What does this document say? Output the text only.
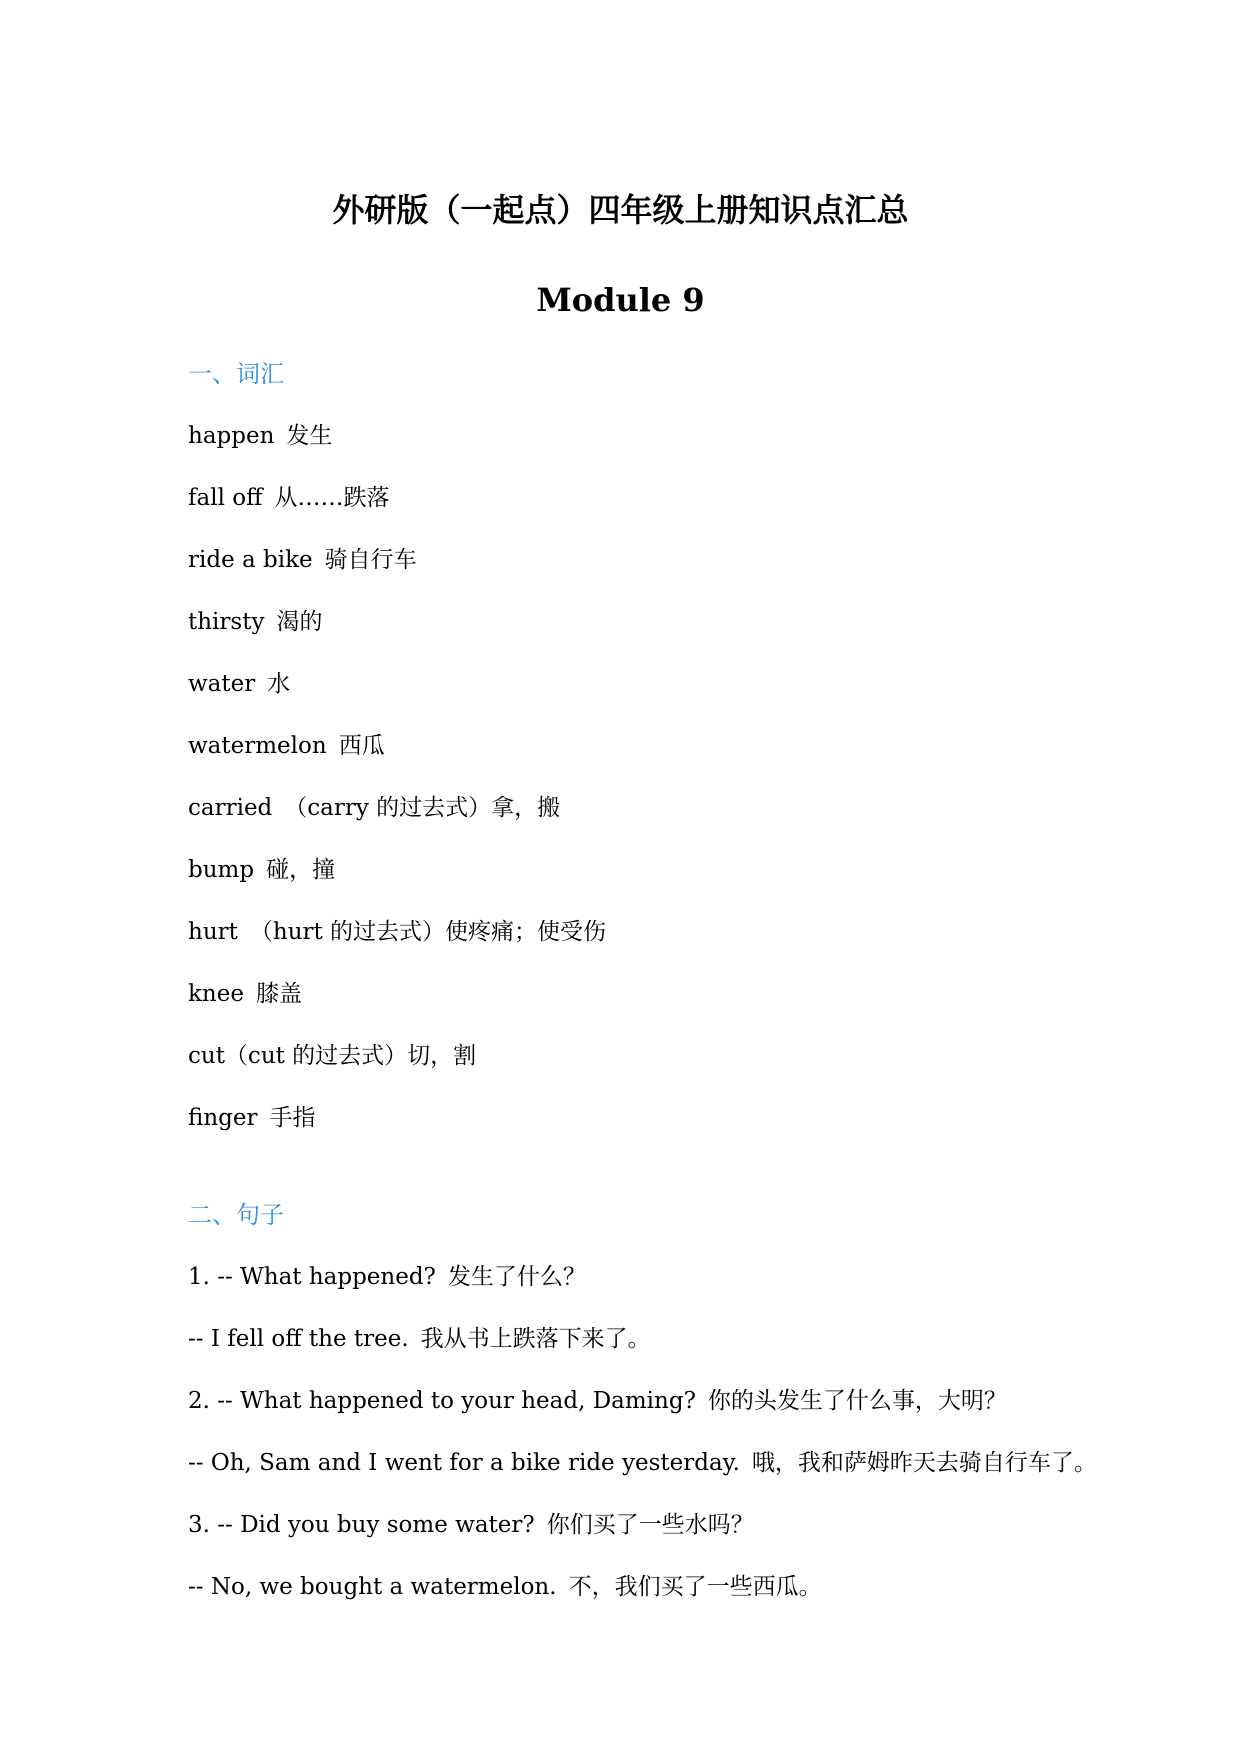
外研版（一起点）四年级上册知识点汇总
Module 9
一、词汇
happen 发生
fall off 从……跌落
ride a bike 骑自行车
thirsty 渴的
water 水
watermelon 西瓜
carried （carry 的过去式）拿，搬
bump 碰，撞
hurt （hurt 的过去式）使疼痛；使受伤
knee 膝盖
cut（cut 的过去式）切，割
finger 手指
二、句子
1. -- What happened? 发生了什么？
-- I fell off the tree. 我从书上跌落下来了。
2. -- What happened to your head, Daming? 你的头发生了什么事，大明？
-- Oh, Sam and I went for a bike ride yesterday. 哦，我和萨姆昨天去骑自行车了。
3. -- Did you buy some water? 你们买了一些水吗？
-- No, we bought a watermelon. 不，我们买了一些西瓜。
